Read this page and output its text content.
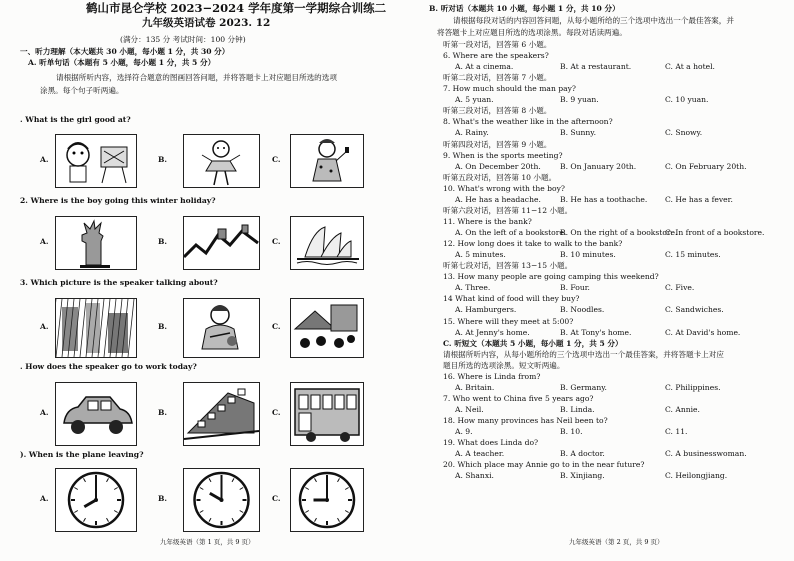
鹤山市昆仑学校 2023−2024 学年度第一学期综合训练二
九年级英语试卷 2023. 12
(满分：135 分 考试时间：100 分钟)
一、听力理解（本大题共 30 小题，每小题 1 分，共 30 分）
A. 听单句话（本题有 5 小题，每小题 1 分，共 5 分）
请根据所听内容，选择符合题意的图画回答问题，并将答题卡上对应题目所选的选项
涂黑。每个句子听两遍。
. What is the girl good at?
A.	B.	C.
2. Where is the boy going this winter holiday?
A.	B.	C.
3. Which picture is the speaker talking about?
A.	B.	C.
. How does the speaker go to work today?
A.	B.	C.
). When is the plane leaving?
A.	B.	C.
九年级英语（第 1 页，共 9 页）
B. 听对话（本题共 10 小题，每小题 1 分，共 10 分）
请根据每段对话的内容回答问题，从每小题所给的三个选项中选出一个最佳答案，并
将答题卡上对应题目所选的选项涂黑。每段对话读两遍。
听第一段对话，回答第 6 小题。
6. Where are the speakers?
A. At a cinema.	B. At a restaurant.	C. At a hotel.
听第二段对话，回答第 7 小题。
7. How much should the man pay?
A. 5 yuan.	B. 9 yuan.	C. 10 yuan.
听第三段对话，回答第 8 小题。
8. What's the weather like in the afternoon?
A. Rainy.	B. Sunny.	C. Snowy.
听第四段对话，回答第 9 小题。
9. When is the sports meeting?
A. On December 20th.	B. On January 20th.	C. On February 20th.
听第五段对话，回答第 10 小题。
10. What's wrong with the boy?
A. He has a headache.	B. He has a toothache. C. He has a fever.
听第六段对话，回答第 11−12 小题。
11. Where is the bank?
A. On the left of a bookstore.
B. On the right of a bookstore.
C. In front of a bookstore.
12. How long does it take to walk to the bank?
A. 5 minutes.	B. 10 minutes.	C. 15 minutes.
听第七段对话，回答第 13−15 小题。
13. How many people are going camping this weekend?
A. Three.	B. Four.	C. Five.
14 What kind of food will they buy?
A. Hamburgers.	B. Noodles.	C. Sandwiches.
15. Where will they meet at 5:00?
A. At Jenny's home.	B. At Tony's home.	C. At David's home.
C. 听短文（本题共 5 小题，每小题 1 分，共 5 分）
请根据所听内容，从每小题所给的三个选项中选出一个最佳答案，并将答题卡上对应
题目所选的选项涂黑。短文听两遍。
16. Where is Linda from?
A. Britain.	B. Germany.	C. Philippines.
7. Who went to China five 5 years ago?
A. Neil.	B. Linda.	C. Annie.
18. How many provinces has Neil been to?
A. 9.	B. 10.	C. 11.
19. What does Linda do?
A. A teacher.	B. A doctor.	C. A businesswoman.
20. Which place may Annie go to in the near future?
A. Shanxi.	B. Xinjiang.	C. Heilongjiang.
九年级英语（第 2 页，共 9 页）
